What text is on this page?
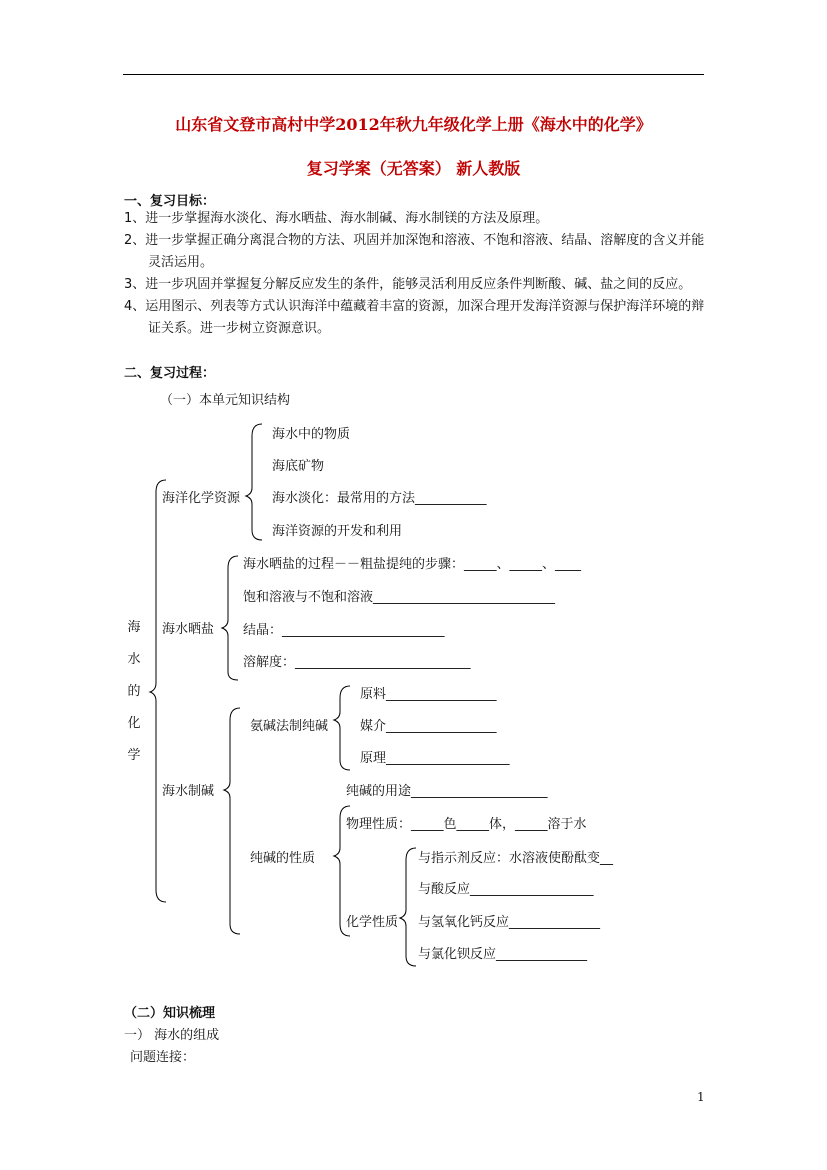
山东省文登市高村中学2012年秋九年级化学上册《海水中的化学》
复习学案（无答案） 新人教版
一、复习目标：
1、进一步掌握海水淡化、海水晒盐、海水制碱、海水制镁的方法及原理。
2、进一步掌握正确分离混合物的方法、巩固并加深饱和溶液、不饱和溶液、结晶、溶解度的含义并能灵活运用。
3、进一步巩固并掌握复分解反应发生的条件，能够灵活利用反应条件判断酸、碱、盐之间的反应。
4、运用图示、列表等方式认识海洋中蕴藏着丰富的资源，加深合理开发海洋资源与保护海洋环境的辩证关系。进一步树立资源意识。
二、复习过程：
（一）本单元知识结构
海
水
的
化
学
海洋化学资源
海水中的物质
海底矿物
海水淡化：最常用的方法___________
海洋资源的开发和利用
海水晒盐
海水晒盐的过程－－粗盐提纯的步骤：_____、_____、____
饱和溶液与不饱和溶液____________________________
结晶：_________________________
溶解度：___________________________
海水制碱
氨碱法制纯碱
原料_________________
媒介_________________
原理___________________
纯碱的用途_____________________
纯碱的性质
物理性质：_____色_____体，_____溶于水
化学性质
与指示剂反应：水溶液使酚酞变__
与酸反应___________________
与氢氧化钙反应______________
与氯化钡反应______________
（二）知识梳理
一） 海水的组成
问题连接：
1
